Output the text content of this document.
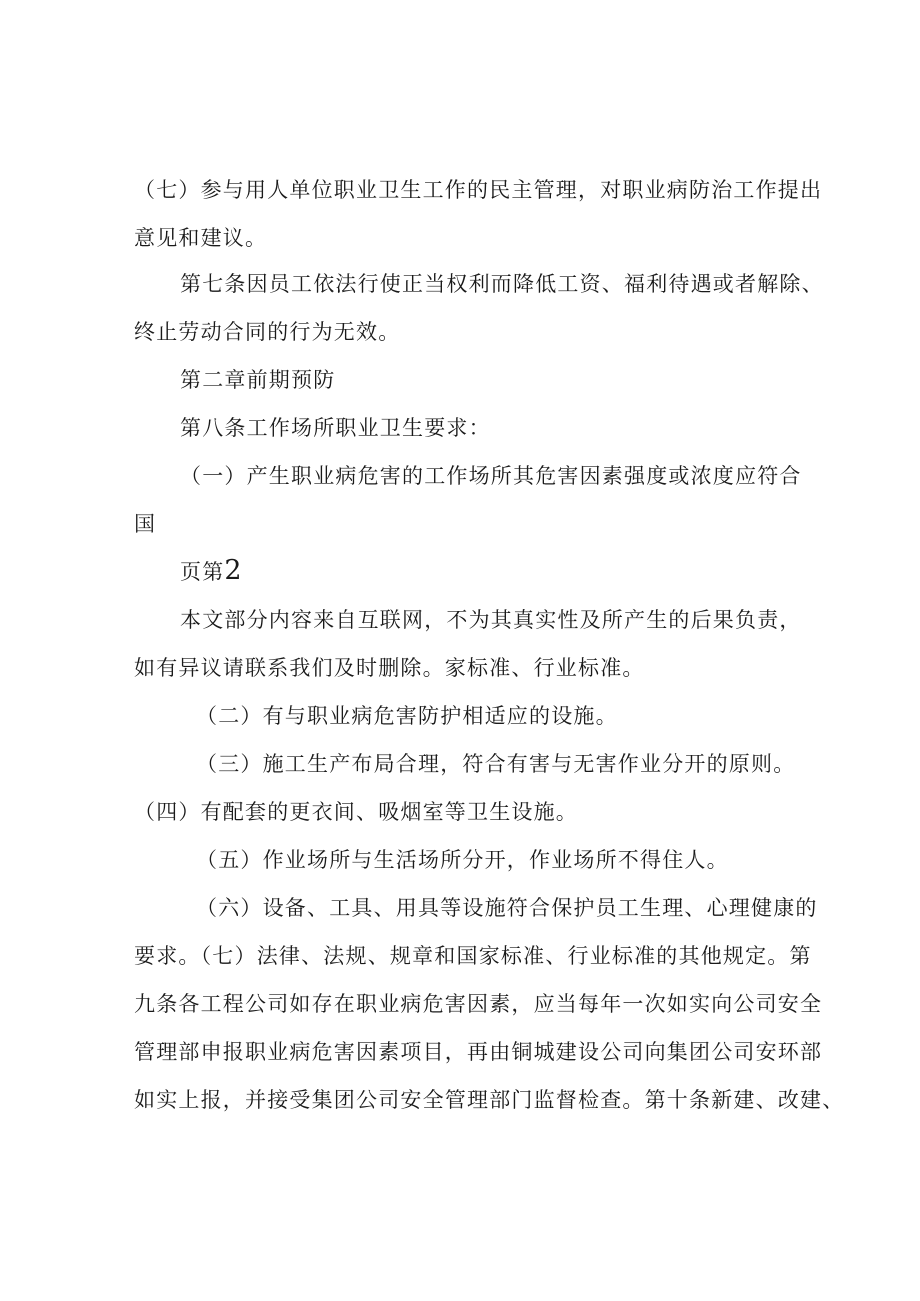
（七）参与用人单位职业卫生工作的民主管理，对职业病防治工作提出
意见和建议。
第七条因员工依法行使正当权利而降低工资、福利待遇或者解除、
终止劳动合同的行为无效。
第二章前期预防
第八条工作场所职业卫生要求：
（一）产生职业病危害的工作场所其危害因素强度或浓度应符合
国
页第2
本文部分内容来自互联网，不为其真实性及所产生的后果负责，
如有异议请联系我们及时删除。家标准、行业标准。
（二）有与职业病危害防护相适应的设施。
（三）施工生产布局合理，符合有害与无害作业分开的原则。
（四）有配套的更衣间、吸烟室等卫生设施。
（五）作业场所与生活场所分开，作业场所不得住人。
（六）设备、工具、用具等设施符合保护员工生理、心理健康的
要求。（七）法律、法规、规章和国家标准、行业标准的其他规定。第
九条各工程公司如存在职业病危害因素，应当每年一次如实向公司安全
管理部申报职业病危害因素项目，再由铜城建设公司向集团公司安环部
如实上报，并接受集团公司安全管理部门监督检查。第十条新建、改建、
